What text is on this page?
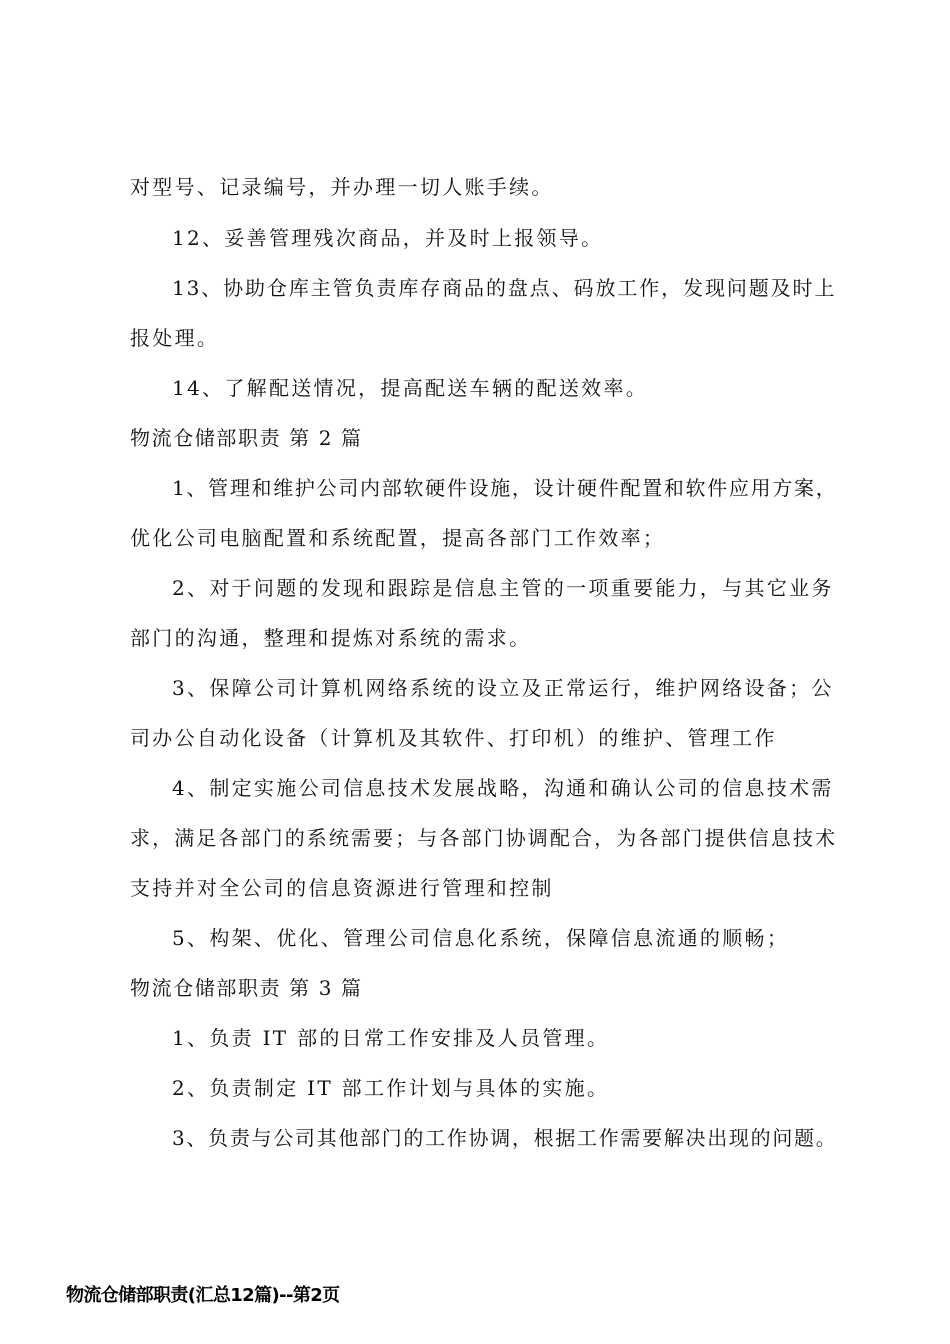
对型号、记录编号，并办理一切人账手续。
12、妥善管理残次商品，并及时上报领导。
13、协助仓库主管负责库存商品的盘点、码放工作，发现问题及时上
报处理。
14、了解配送情况，提高配送车辆的配送效率。
物流仓储部职责 第 2 篇
1、管理和维护公司内部软硬件设施，设计硬件配置和软件应用方案，
优化公司电脑配置和系统配置，提高各部门工作效率；
2、对于问题的发现和跟踪是信息主管的一项重要能力，与其它业务
部门的沟通，整理和提炼对系统的需求。
3、保障公司计算机网络系统的设立及正常运行，维护网络设备；公
司办公自动化设备（计算机及其软件、打印机）的维护、管理工作
4、制定实施公司信息技术发展战略，沟通和确认公司的信息技术需
求，满足各部门的系统需要；与各部门协调配合，为各部门提供信息技术
支持并对全公司的信息资源进行管理和控制
5、构架、优化、管理公司信息化系统，保障信息流通的顺畅；
物流仓储部职责 第 3 篇
1、负责 IT 部的日常工作安排及人员管理。
2、负责制定 IT 部工作计划与具体的实施。
3、负责与公司其他部门的工作协调，根据工作需要解决出现的问题。
物流仓储部职责(汇总12篇)--第2页
